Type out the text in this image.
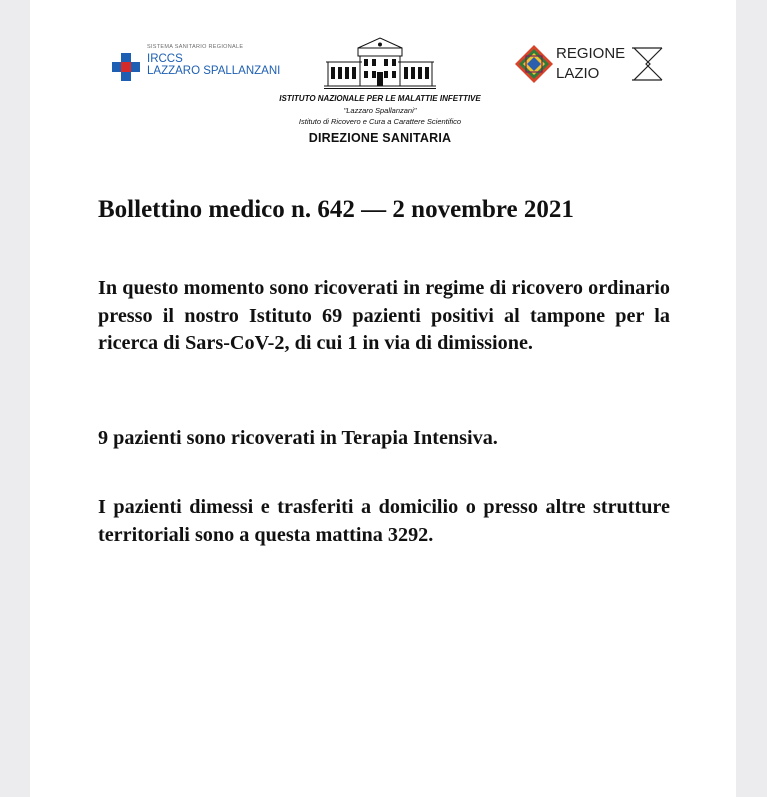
SISTEMA SANITARIO REGIONALE
IRCCS
LAZZARO SPALLANZANI
ISTITUTO NAZIONALE PER LE MALATTIE INFETTIVE
"Lazzaro Spallanzani"
Istituto di Ricovero e Cura a Carattere Scientifico
DIREZIONE SANITARIA
REGIONE
LAZIO
Bollettino medico n. 642 — 2 novembre 2021
In questo momento sono ricoverati in regime di ricovero ordinario presso il nostro Istituto 69 pazienti positivi al tampone per la ricerca di Sars-CoV-2, di cui 1 in via di dimissione.
9 pazienti sono ricoverati in Terapia Intensiva.
I pazienti dimessi e trasferiti a domicilio o presso altre strutture territoriali sono a questa mattina 3292.
